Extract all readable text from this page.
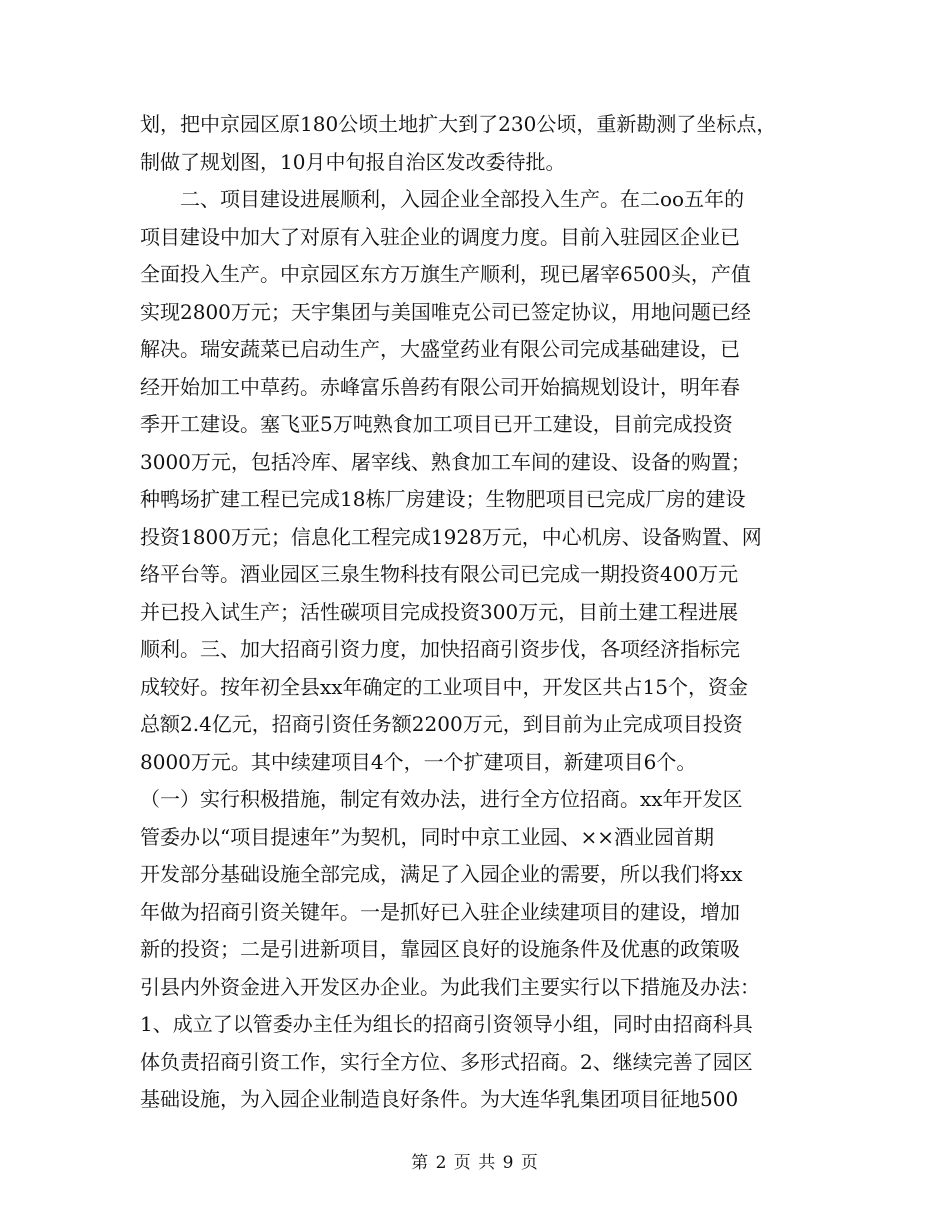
划，把中京园区原180公顷土地扩大到了230公顷，重新勘测了坐标点，
制做了规划图，10月中旬报自治区发改委待批。
　　二、项目建设进展顺利，入园企业全部投入生产。在二oo五年的
项目建设中加大了对原有入驻企业的调度力度。目前入驻园区企业已
全面投入生产。中京园区东方万旗生产顺利，现已屠宰6500头，产值
实现2800万元；天宇集团与美国唯克公司已签定协议，用地问题已经
解决。瑞安蔬菜已启动生产，大盛堂药业有限公司完成基础建设，已
经开始加工中草药。赤峰富乐兽药有限公司开始搞规划设计，明年春
季开工建设。塞飞亚5万吨熟食加工项目已开工建设，目前完成投资
3000万元，包括冷库、屠宰线、熟食加工车间的建设、设备的购置；
种鸭场扩建工程已完成18栋厂房建设；生物肥项目已完成厂房的建设
投资1800万元；信息化工程完成1928万元，中心机房、设备购置、网
络平台等。酒业园区三泉生物科技有限公司已完成一期投资400万元
并已投入试生产；活性碳项目完成投资300万元，目前土建工程进展
顺利。三、加大招商引资力度，加快招商引资步伐，各项经济指标完
成较好。按年初全县xx年确定的工业项目中，开发区共占15个，资金
总额2.4亿元，招商引资任务额2200万元，到目前为止完成项目投资
8000万元。其中续建项目4个，一个扩建项目，新建项目6个。
（一）实行积极措施，制定有效办法，进行全方位招商。xx年开发区
管委办以“项目提速年”为契机，同时中京工业园、××酒业园首期
开发部分基础设施全部完成，满足了入园企业的需要，所以我们将xx
年做为招商引资关键年。一是抓好已入驻企业续建项目的建设，增加
新的投资；二是引进新项目，靠园区良好的设施条件及优惠的政策吸
引县内外资金进入开发区办企业。为此我们主要实行以下措施及办法：
1、成立了以管委办主任为组长的招商引资领导小组，同时由招商科具
体负责招商引资工作，实行全方位、多形式招商。2、继续完善了园区
基础设施，为入园企业制造良好条件。为大连华乳集团项目征地500
第 2 页 共 9 页
